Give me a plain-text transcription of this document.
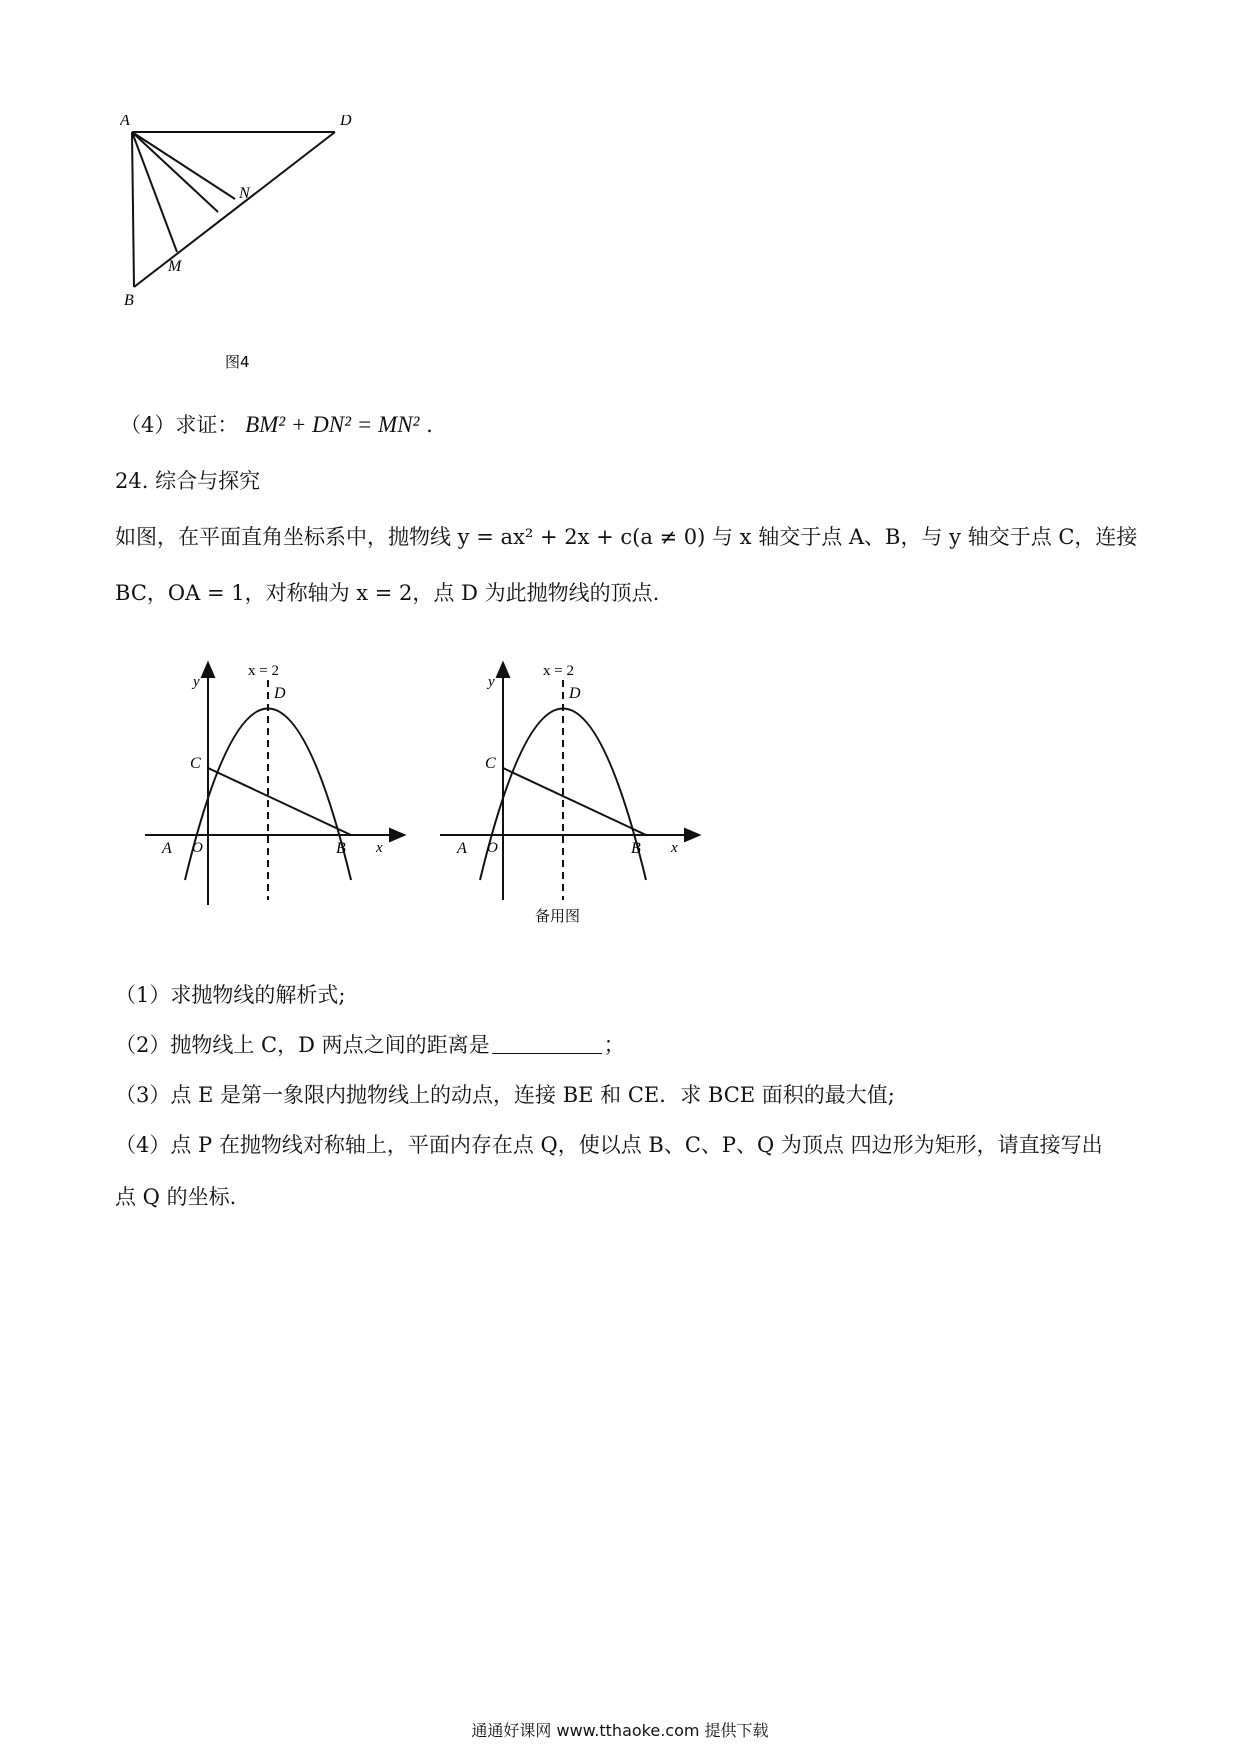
A	D
N
M
B
图4
（4）求证： BM² + DN² = MN² .
24. 综合与探究
如图，在平面直角坐标系中，抛物线 y = ax² + 2x + c(a ≠ 0) 与 x 轴交于点 A、B，与 y 轴交于点 C，连接
BC，OA = 1，对称轴为 x = 2，点 D 为此抛物线的顶点.
x = 2
y
D
C
A O	B x
x = 2
y
D
C
A O	B x
备用图
（1）求抛物线的解析式;
（2）抛物线上 C，D 两点之间的距离是	；
（3）点 E 是第一象限内抛物线上的动点，连接 BE 和 CE．求 BCE 面积的最大值;
（4）点 P 在抛物线对称轴上，平面内存在点 Q，使以点 B、C、P、Q 为顶点 四边形为矩形，请直接写出
点 Q 的坐标.
通通好课网 www.tthaoke.com 提供下载
